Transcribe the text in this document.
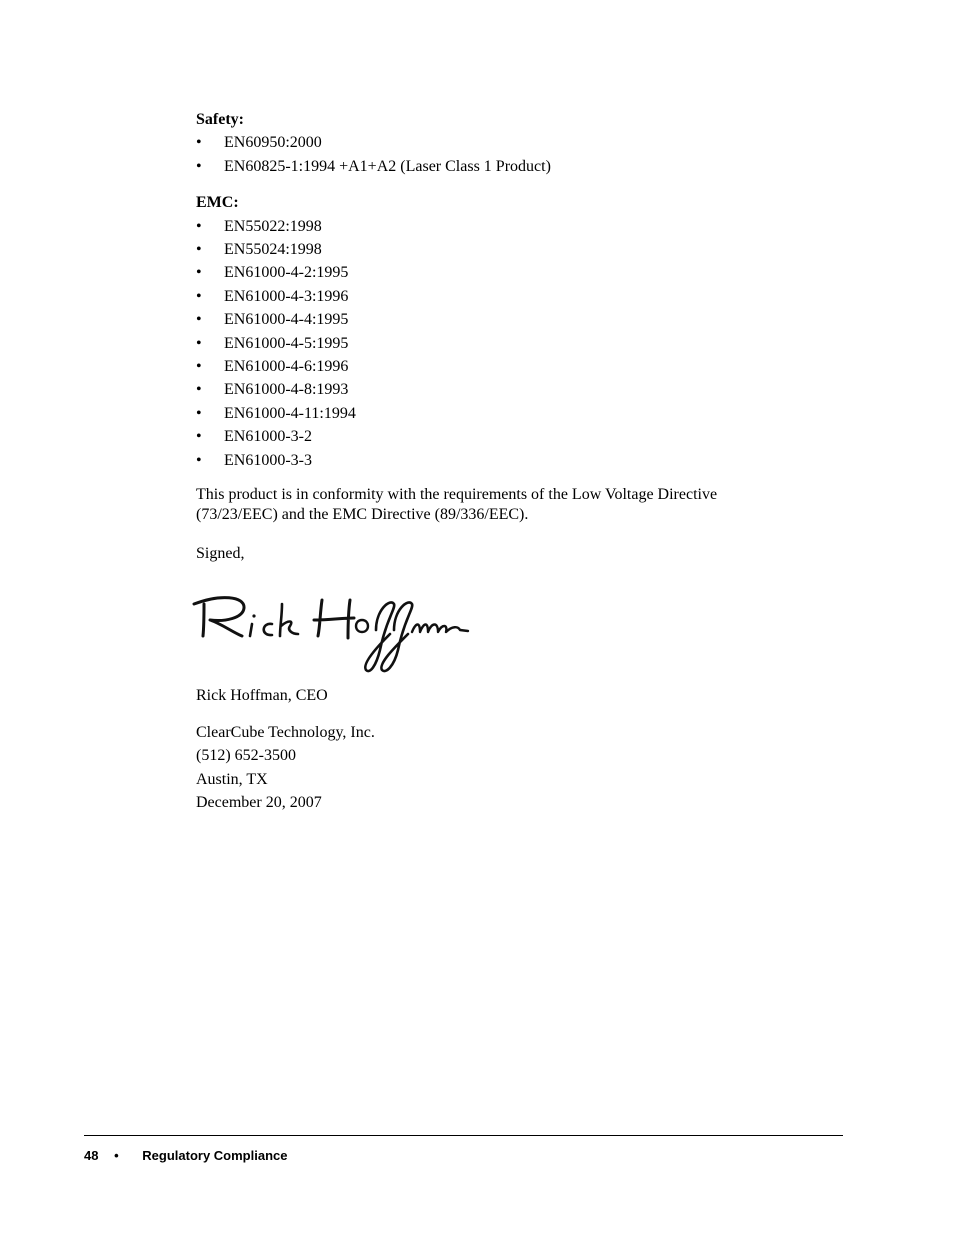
Safety:

• EN60950:2000
• EN60825-1:1994 +A1+A2 (Laser Class 1 Product)

EMC:

• EN55022:1998
• EN55024:1998
• EN61000-4-2:1995
• EN61000-4-3:1996
• EN61000-4-4:1995
• EN61000-4-5:1995
• EN61000-4-6:1996
• EN61000-4-8:1993
• EN61000-4-11:1994
• EN61000-3-2
• EN61000-3-3

This product is in conformity with the requirements of the Low Voltage Directive (73/23/EEC) and the EMC Directive (89/336/EEC).

Signed,

Rick Hoffman, CEO
ClearCube Technology, Inc.
(512) 652-3500
Austin, TX
December 20, 2007
48 • Regulatory Compliance
